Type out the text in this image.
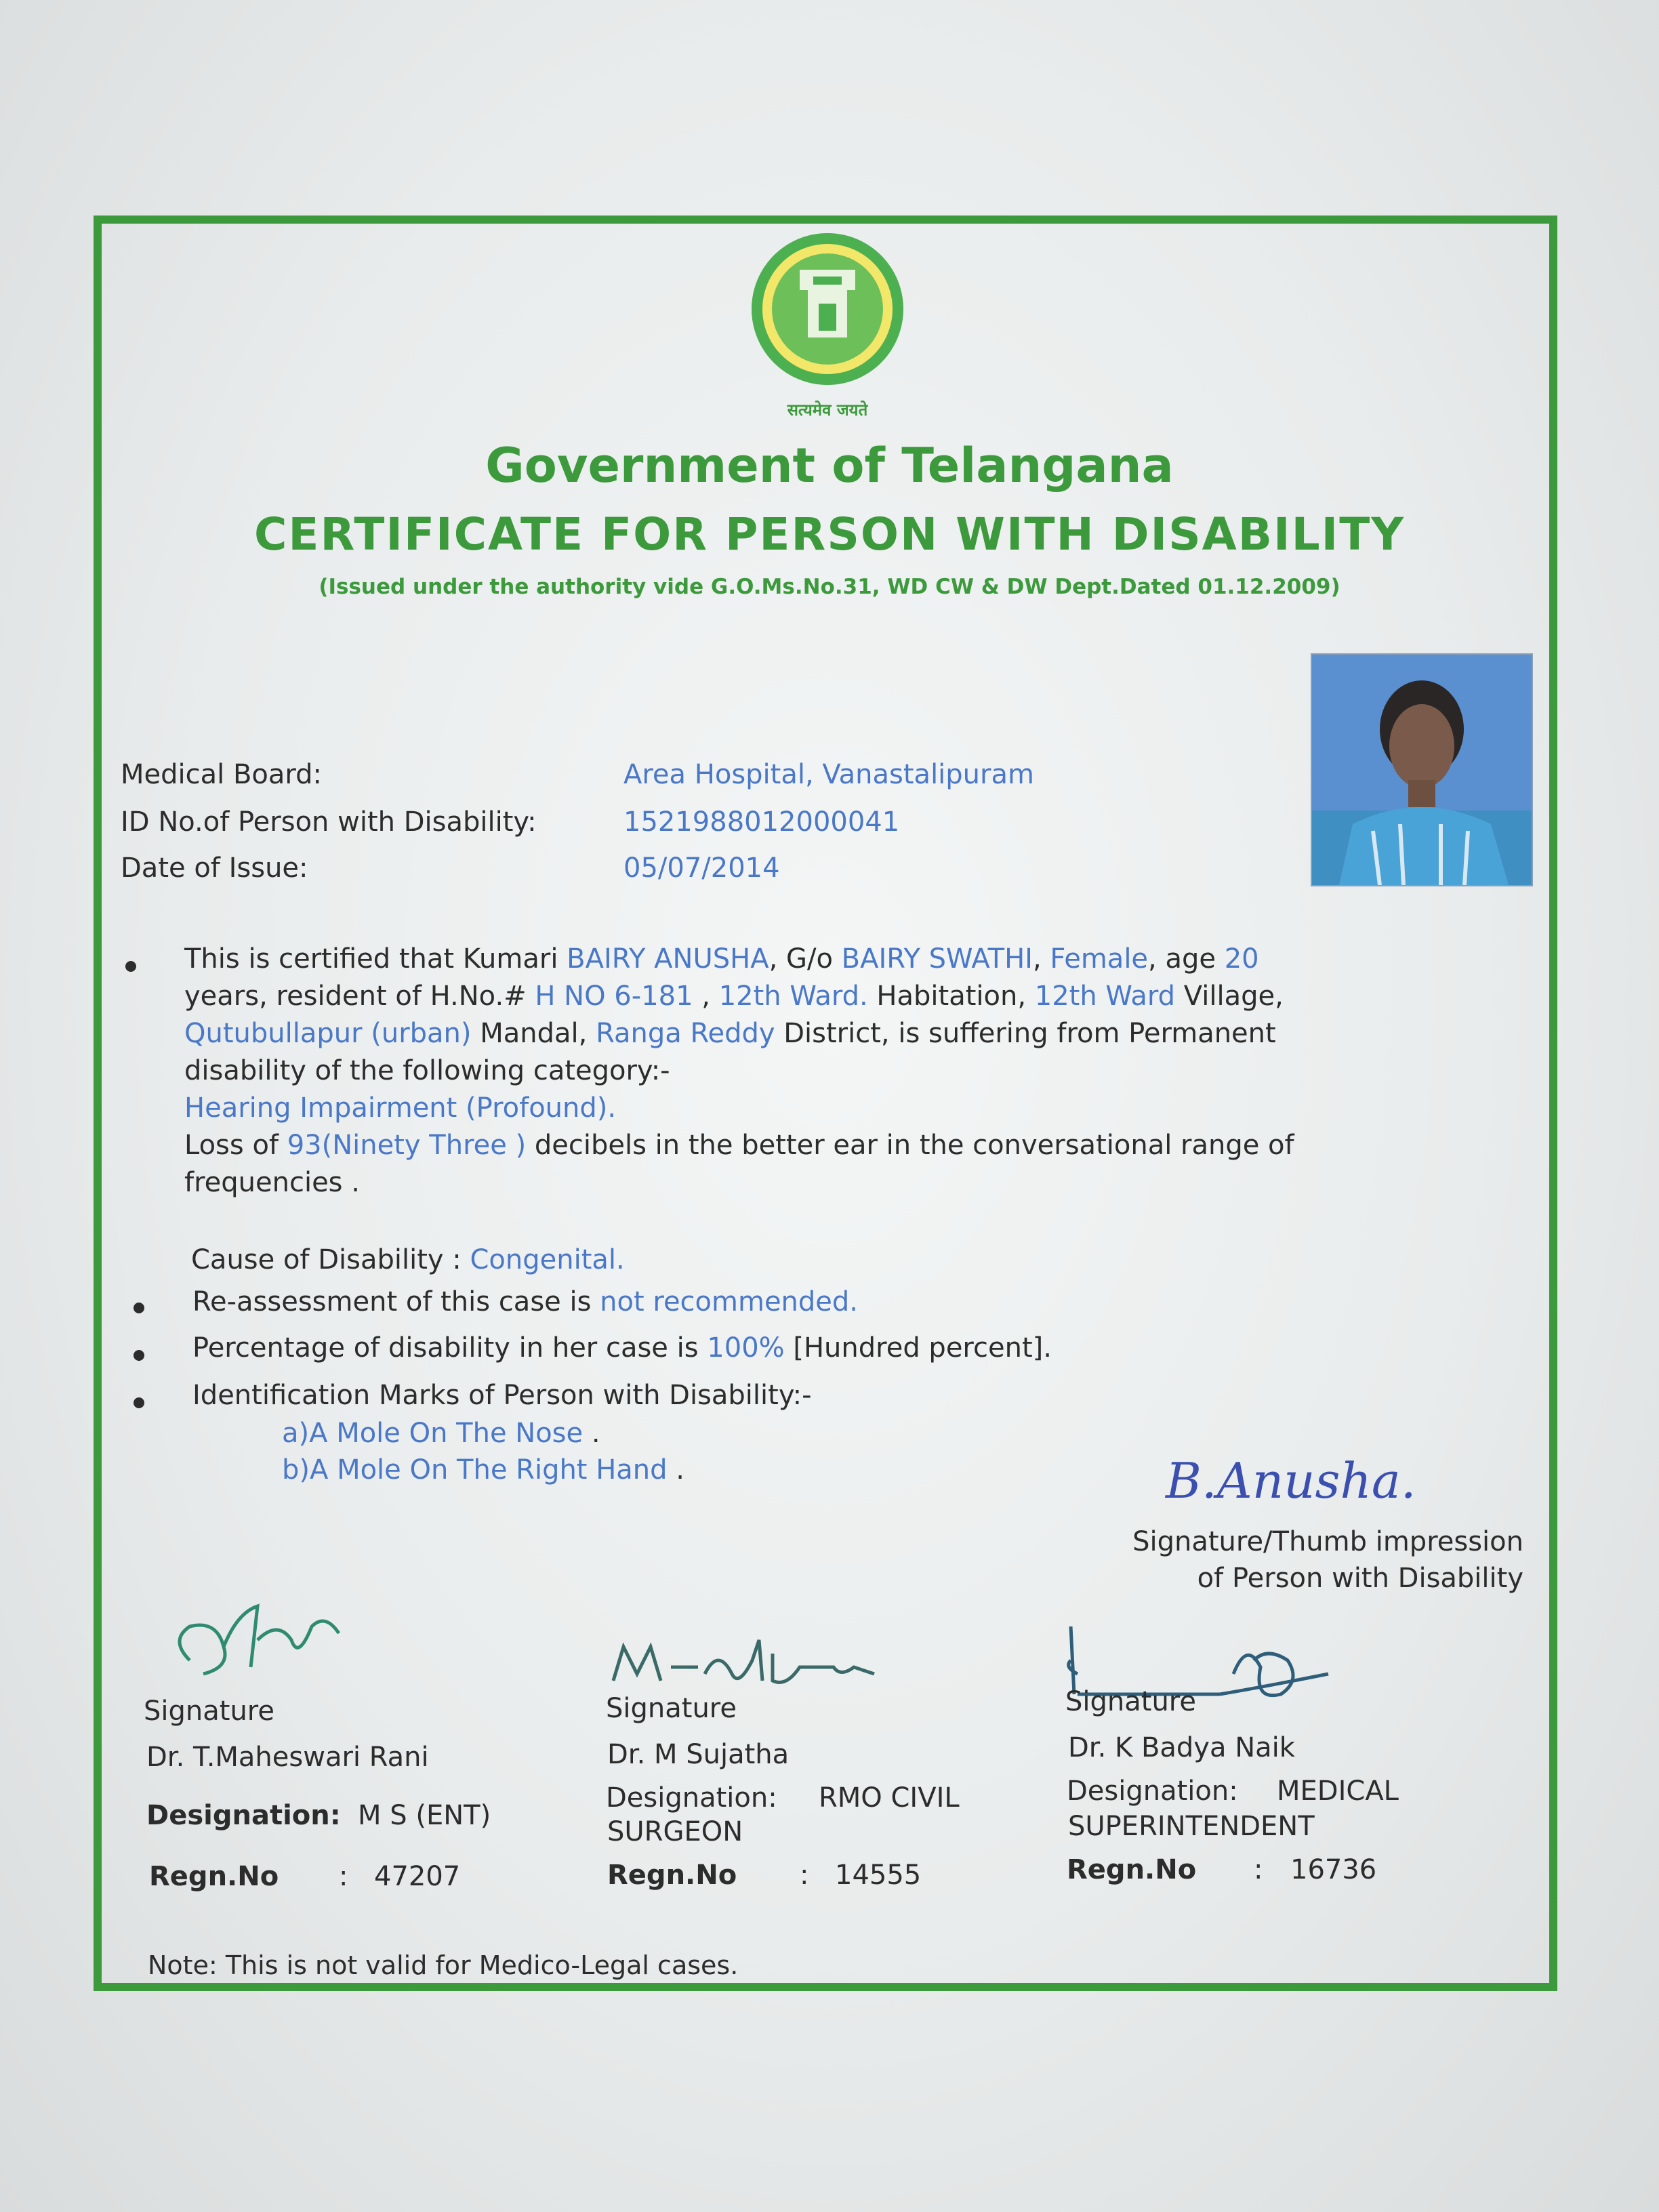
सत्यमेव जयते
Government of Telangana
CERTIFICATE FOR PERSON WITH DISABILITY
(Issued under the authority vide G.O.Ms.No.31, WD CW & DW Dept.Dated 01.12.2009)
Medical Board:	Area Hospital, Vanastalipuram
ID No.of Person with Disability:	1521988012000041
Date of Issue:	05/07/2014
This is certified that Kumari BAIRY ANUSHA, G/o BAIRY SWATHI, Female, age 20
years, resident of H.No.# H NO 6-181 , 12th Ward. Habitation, 12th Ward Village,
Qutubullapur (urban) Mandal, Ranga Reddy District, is suffering from Permanent
disability of the following category:-
Hearing Impairment (Profound).
Loss of 93(Ninety Three ) decibels in the better ear in the conversational range of
frequencies .
Cause of Disability : Congenital.
Re-assessment of this case is not recommended.
Percentage of disability in her case is 100% [Hundred percent].
Identification Marks of Person with Disability:-
a)A Mole On The Nose .
b)A Mole On The Right Hand .	B.Anusha.
Signature/Thumb impression
of Person with Disability
Signature
Dr. T.Maheswari Rani
Designation: M S (ENT)
Regn.No : 47207
Signature
Dr. M Sujatha
Designation: RMO CIVIL
SURGEON
Regn.No : 14555
Signature
Dr. K Badya Naik
Designation: MEDICAL
SUPERINTENDENT
Regn.No : 16736
Note: This is not valid for Medico-Legal cases.
